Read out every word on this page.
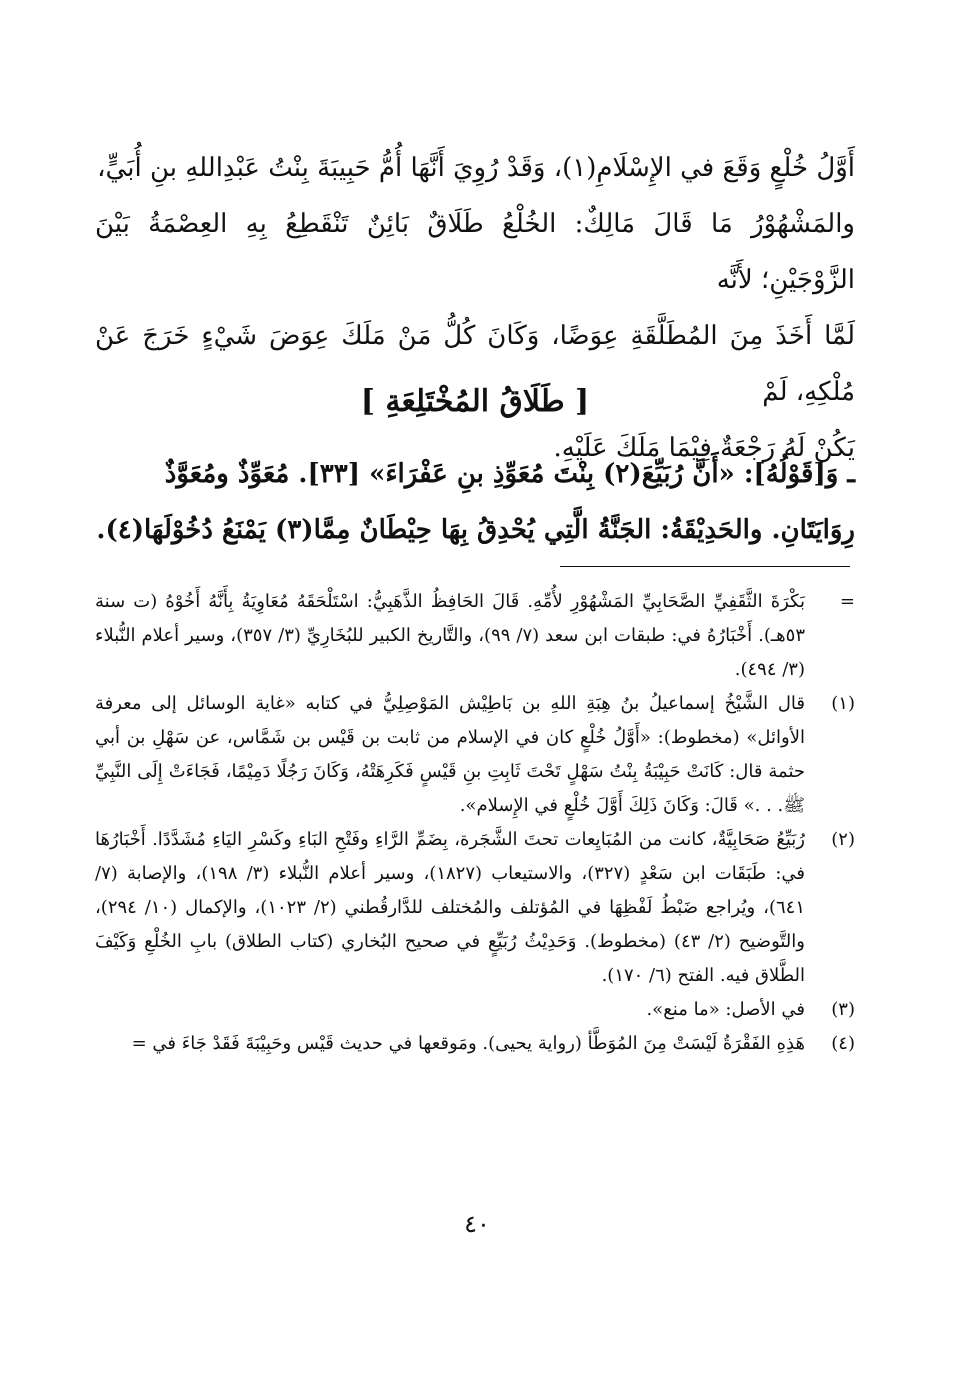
أَوَّلُ خُلْعٍ وَقَعَ في الإِسْلَامِ(١)، وَقَدْ رُوِيَ أَنَّهَا أُمُّ حَبِيبَةَ بِنْتُ عَبْدِاللهِ بنِ أُبَيٍّ،

والمَشْهُوْرُ مَا قَالَ مَالِكٌ: الخُلْعُ طَلَاقٌ بَائِنٌ تَنْقَطِعُ بِهِ العِصْمَةُ بَيْنَ الزَّوْجَيْنِ؛ لأَنَّه

لَمَّا أَخَذَ مِنَ المُطَلَّقَةِ عِوَضًا، وَكَانَ كُلُّ مَنْ مَلَكَ عِوَضَ شَيْءٍ خَرَجَ عَنْ مُلْكِهِ، لَمْ

يَكُنْ لَهُ رَجْعَةٌ فِيْمَا مَلَكَ عَلَيْهِ.

[ طَلَاقُ المُخْتَلِعَةِ ]

ـ وَ[قَوْلُهُ]: «أَنَّ رُبَيِّعَ(٢) بِنْتَ مُعَوِّذِ بنِ عَفْرَاءَ» [٣٣]. مُعَوِّذٌ ومُعَوَّذٌ

رِوَايَتَانِ. والحَدِيْقَةُ: الجَنَّةُ الَّتِي يُحْدِقُ بِهَا حِيْطَانٌ مِمَّا(٣) يَمْنَعُ دُخُوْلَهَا(٤).

=
بَكْرَةَ الثَّقَفِيِّ الصَّحَابِيِّ المَشْهُوْرِ لأُمِّهِ. قَالَ الحَافِظُ الذَّهَبِيُّ: اسْتَلْحَقَهُ مُعَاوِيَةُ بِأَنَّهُ أَخُوْهُ (ت سنة ٥٣هـ). أَخْبَارُهُ في: طبقات ابن سعد (٧/ ٩٩)، والتَّاريخ الكبير للبُخَارِيِّ (٣/ ٣٥٧)، وسير أعلام النُّبلاء (٣/ ٤٩٤).
(١)
قال الشَّيْخُ إسماعيلُ بنُ هِبَةِ اللهِ بن بَاطِيْش المَوْصِلِيُّ في كتابه «غاية الوسائل إلى معرفة الأوائل» (مخطوط): «أَوَّلُ خُلْعٍ كان في الإسلام من ثابت بن قَيْس بن شَمَّاس، عن سَهْلِ بن أبي حثمة قال: كَانَتْ حَبِيْبَةُ بِنْتُ سَهْلٍ تَحْتَ ثَابِتِ بنِ قَيْسٍ فَكَرِهَتْهُ، وَكَانَ رَجُلًا دَمِيْمًا، فَجَاءَتْ إِلَى النَّبِيِّ ﷺ. . .» قَالَ: وَكَانَ ذَلِكَ أَوَّلَ خُلْعٍ في الإِسلام».
(٢)
رُبَيِّعُ صَحَابِيَّةٌ، كانت من المُبَايِعات تحتَ الشَّجَرة، بِضَمِّ الرَّاءِ وفَتْحِ البَاءِ وكَسْرِ اليَاءِ مُشَدَّدًا. أَخْبَارُهَا في: طَبَقَات ابن سَعْدٍ (٣٢٧)، والاستيعاب (١٨٢٧)، وسير أعلام النُّبلاء (٣/ ١٩٨)، والإصابة (٧/ ٦٤١)، ويُراجع ضَبْطُ لَفْظِهَا في المُؤتلف والمُختلف للدَّارقُطني (٢/ ١٠٢٣)، والإكمال (١٠/ ٢٩٤)، والتَّوضيح (٢/ ٤٣) (مخطوط). وَحَدِيْثُ رُبَيِّعٍ في صحيح البُخاري (كتاب الطلاق) بابِ الخُلْعِ وَكَيْفَ الطَّلاق فيه. الفتح (٦/ ١٧٠).
(٣)
في الأصل: «ما منع».
(٤)
هَذِهِ الفَقْرَةُ لَيْسَتْ مِنَ المُوَطَّأ (رواية يحيى). ومَوقعها في حديث قَيْس وحَبِيْبَةَ فَقَدْ جَاءَ في =
٤٠
